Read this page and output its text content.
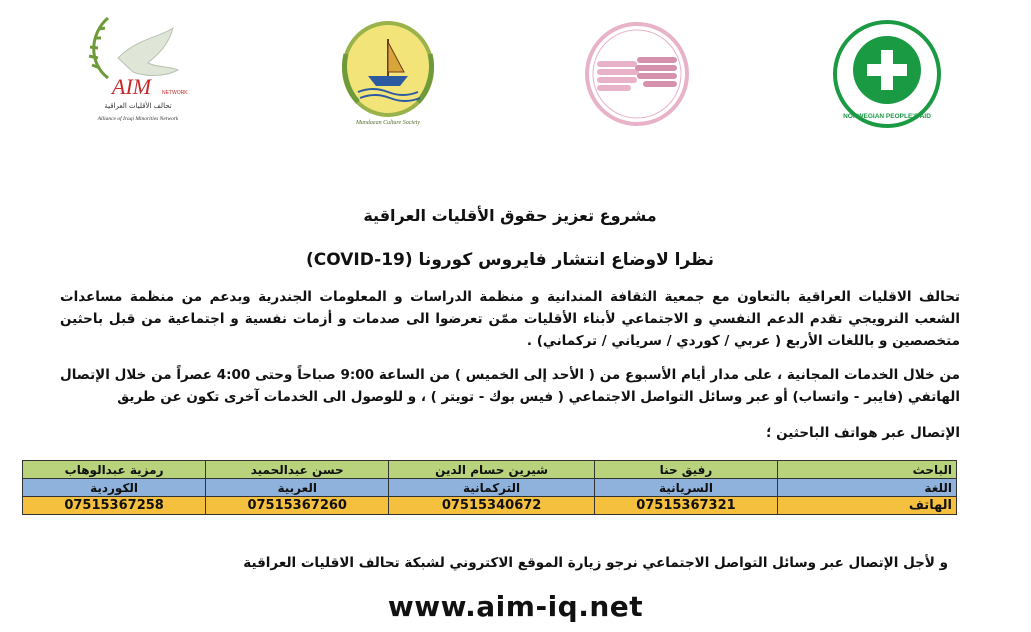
AIM	NETWORK
تحالف الأقليات العراقية
Alliance of Iraqi Minorities Network
Mandaean Culture Society
NORWEGIAN PEOPLE'S AID
مشروع تعزيز حقوق الأقليات العراقية
نظرا لاوضاع انتشار فايروس كورونا (COVID-19)
تحالف الاقليات العراقية بالتعاون مع جمعية الثقافة المندانية و منظمة الدراسات و المعلومات الجندرية وبدعم من منظمة مساعدات الشعب النرويجي تقدم الدعم النفسي و الاجتماعي لأبناء الأقليات ممّن تعرضوا الى صدمات و أزمات نفسية و اجتماعية من قبل باحثين متخصصين و باللغات الأربع ( عربي / كوردي / سرياني / تركماني) .
من خلال الخدمات المجانية ، على مدار أيام الأسبوع من ( الأحد إلى الخميس ) من الساعة 9:00 صباحاً وحتى 4:00 عصراً من خلال الإتصال الهاتفي (فايبر - واتساب) أو عبر وسائل التواصل الاجتماعي ( فيس بوك - تويتر ) ، و للوصول الى الخدمات آخرى تكون عن طريق
الإتصال عبر هواتف الباحثين ؛
الباحث	رفيق حنا	شيرين حسام الدين	حسن عبدالحميد	رمزية عبدالوهاب
اللغة	السريانية	التركمانية	العربية	الكوردية
الهاتف	07515367321	07515340672	07515367260	07515367258
و لأجل الإتصال عبر وسائل التواصل الاجتماعي نرجو زيارة الموقع الاكتروني لشبكة تحالف الاقليات العراقية
www.aim-iq.net
